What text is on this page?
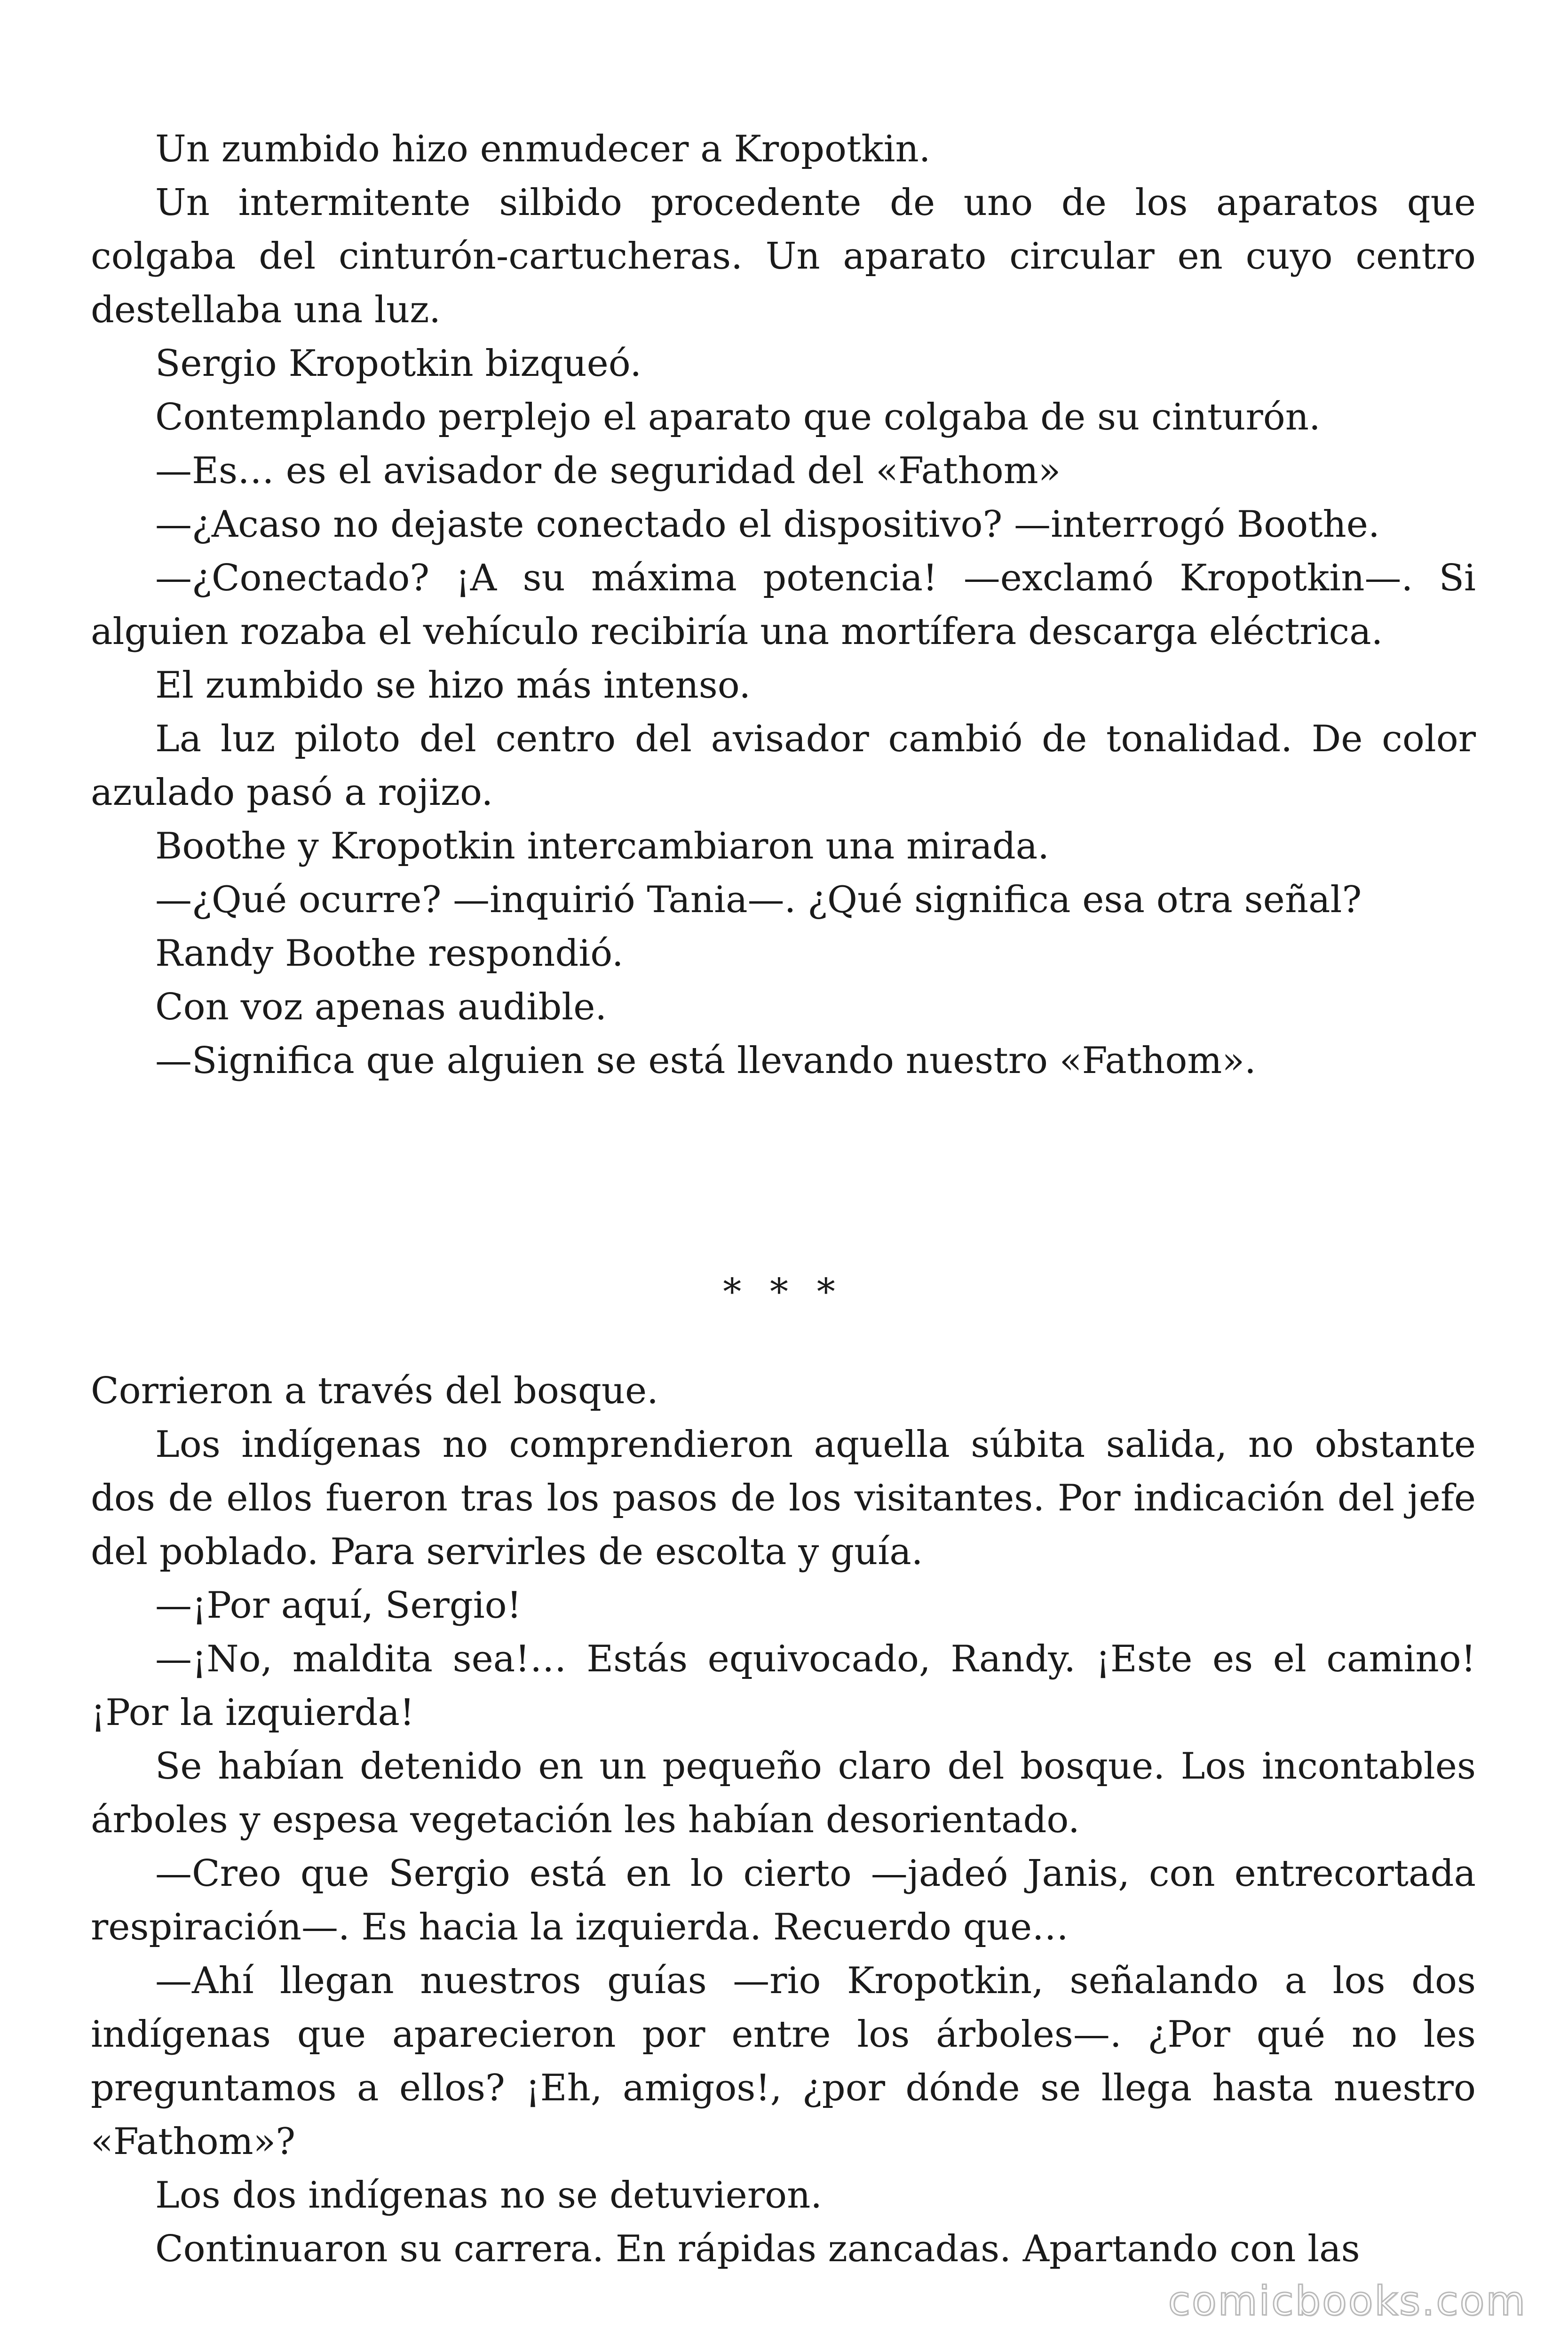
Un zumbido hizo enmudecer a Kropotkin.

Un intermitente silbido procedente de uno de los aparatos que colgaba del cinturón-cartucheras. Un aparato circular en cuyo centro destellaba una luz.

Sergio Kropotkin bizqueó.

Contemplando perplejo el aparato que colgaba de su cinturón.

—Es… es el avisador de seguridad del «Fathom»

—¿Acaso no dejaste conectado el dispositivo? —interrogó Boothe.

—¿Conectado? ¡A su máxima potencia! —exclamó Kropotkin—. Si alguien rozaba el vehículo recibiría una mortífera descarga eléctrica.

El zumbido se hizo más intenso.

La luz piloto del centro del avisador cambió de tonalidad. De color azulado pasó a rojizo.

Boothe y Kropotkin intercambiaron una mirada.

—¿Qué ocurre? —inquirió Tania—. ¿Qué significa esa otra señal?

Randy Boothe respondió.

Con voz apenas audible.

—Significa que alguien se está llevando nuestro «Fathom».

* * *

Corrieron a través del bosque.

Los indígenas no comprendieron aquella súbita salida, no obstante dos de ellos fueron tras los pasos de los visitantes. Por indicación del jefe del poblado. Para servirles de escolta y guía.

—¡Por aquí, Sergio!

—¡No, maldita sea!… Estás equivocado, Randy. ¡Este es el camino! ¡Por la izquierda!

Se habían detenido en un pequeño claro del bosque. Los incontables árboles y espesa vegetación les habían desorientado.

—Creo que Sergio está en lo cierto —jadeó Janis, con entrecortada respiración—. Es hacia la izquierda. Recuerdo que…

—Ahí llegan nuestros guías —rio Kropotkin, señalando a los dos indígenas que aparecieron por entre los árboles—. ¿Por qué no les preguntamos a ellos? ¡Eh, amigos!, ¿por dónde se llega hasta nuestro «Fathom»?

Los dos indígenas no se detuvieron.

Continuaron su carrera. En rápidas zancadas. Apartando con las

comicbooks.com
